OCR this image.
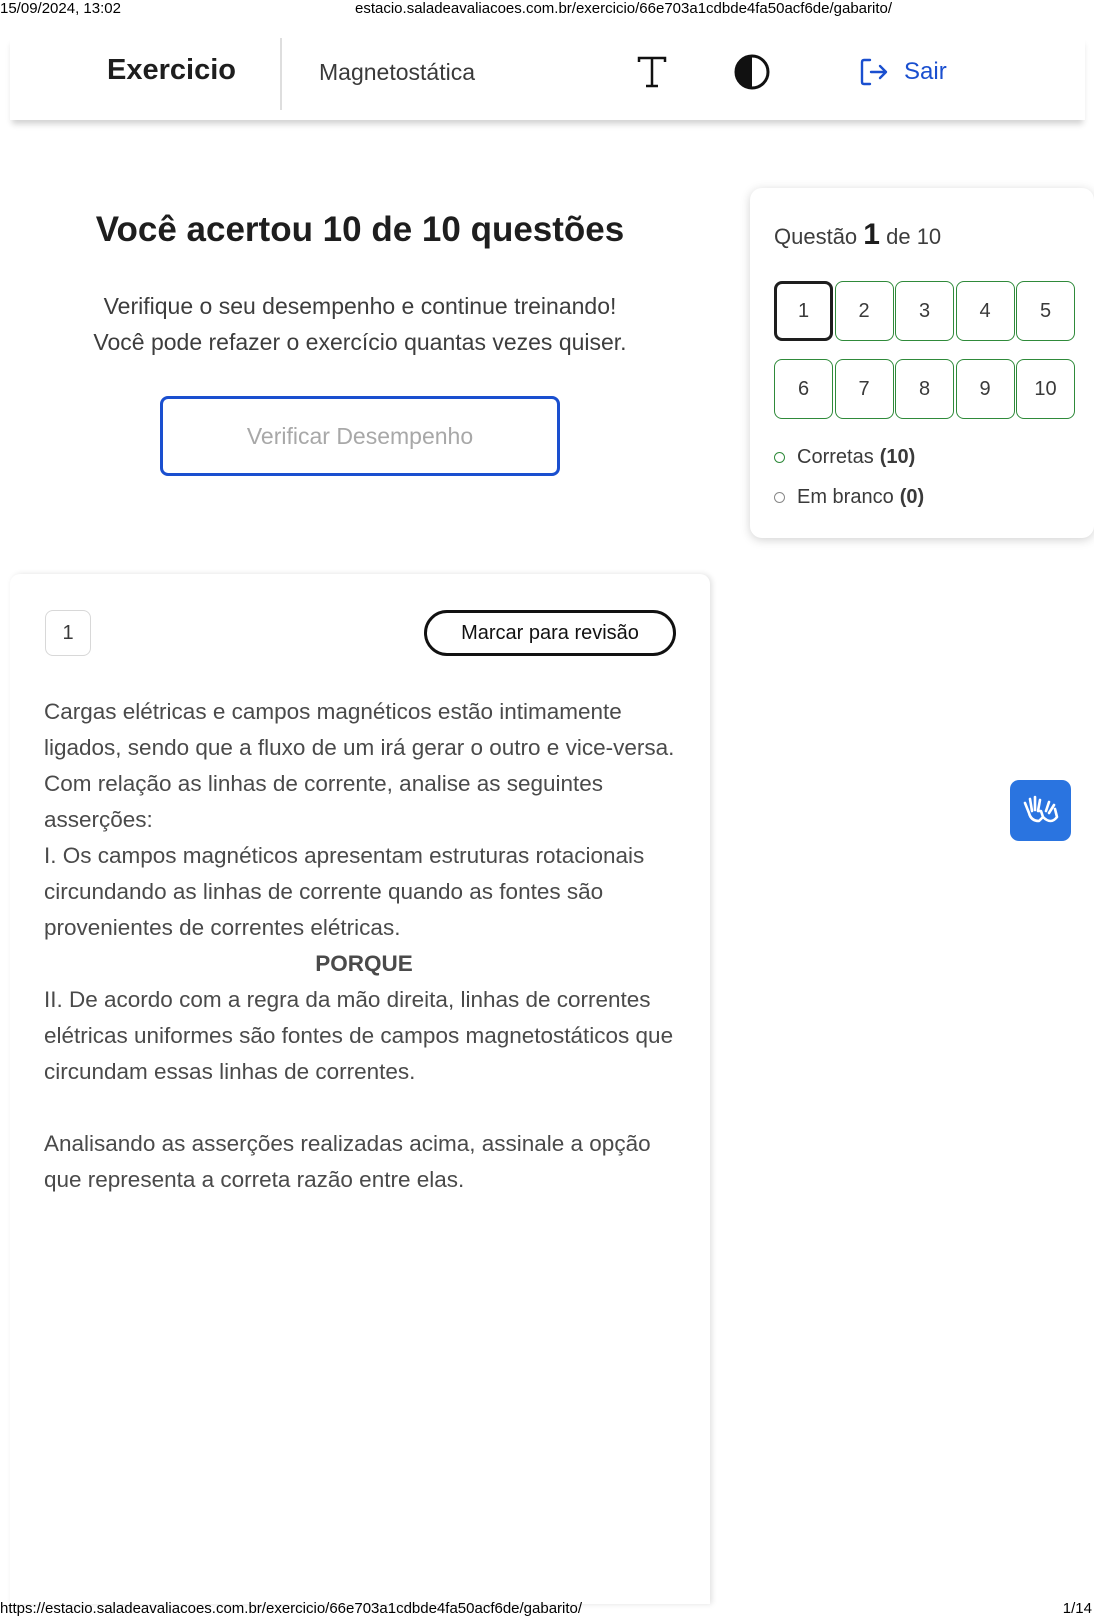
15/09/2024, 13:02	estacio.saladeavaliacoes.com.br/exercicio/66e703a1cdbde4fa50acf6de/gabarito/
Exercicio	Magnetostática	Sair
Você acertou 10 de 10 questões
Verifique o seu desempenho e continue treinando!
Você pode refazer o exercício quantas vezes quiser.
Verificar Desempenho
Questão 1 de 10
1	2	3	4	5
6	7	8	9	10
Corretas (10)
Em branco (0)
1	Marcar para revisão

Cargas elétricas e campos magnéticos estão intimamente ligados, sendo que a fluxo de um irá gerar o outro e vice-versa. Com relação as linhas de corrente, analise as seguintes asserções:

I. Os campos magnéticos apresentam estruturas rotacionais circundando as linhas de corrente quando as fontes são provenientes de correntes elétricas.

PORQUE

II. De acordo com a regra da mão direita, linhas de correntes elétricas uniformes são fontes de campos magnetostáticos que circundam essas linhas de correntes.

Analisando as asserções realizadas acima, assinale a opção que representa a correta razão entre elas.

https://estacio.saladeavaliacoes.com.br/exercicio/66e703a1cdbde4fa50acf6de/gabarito/	1/14
